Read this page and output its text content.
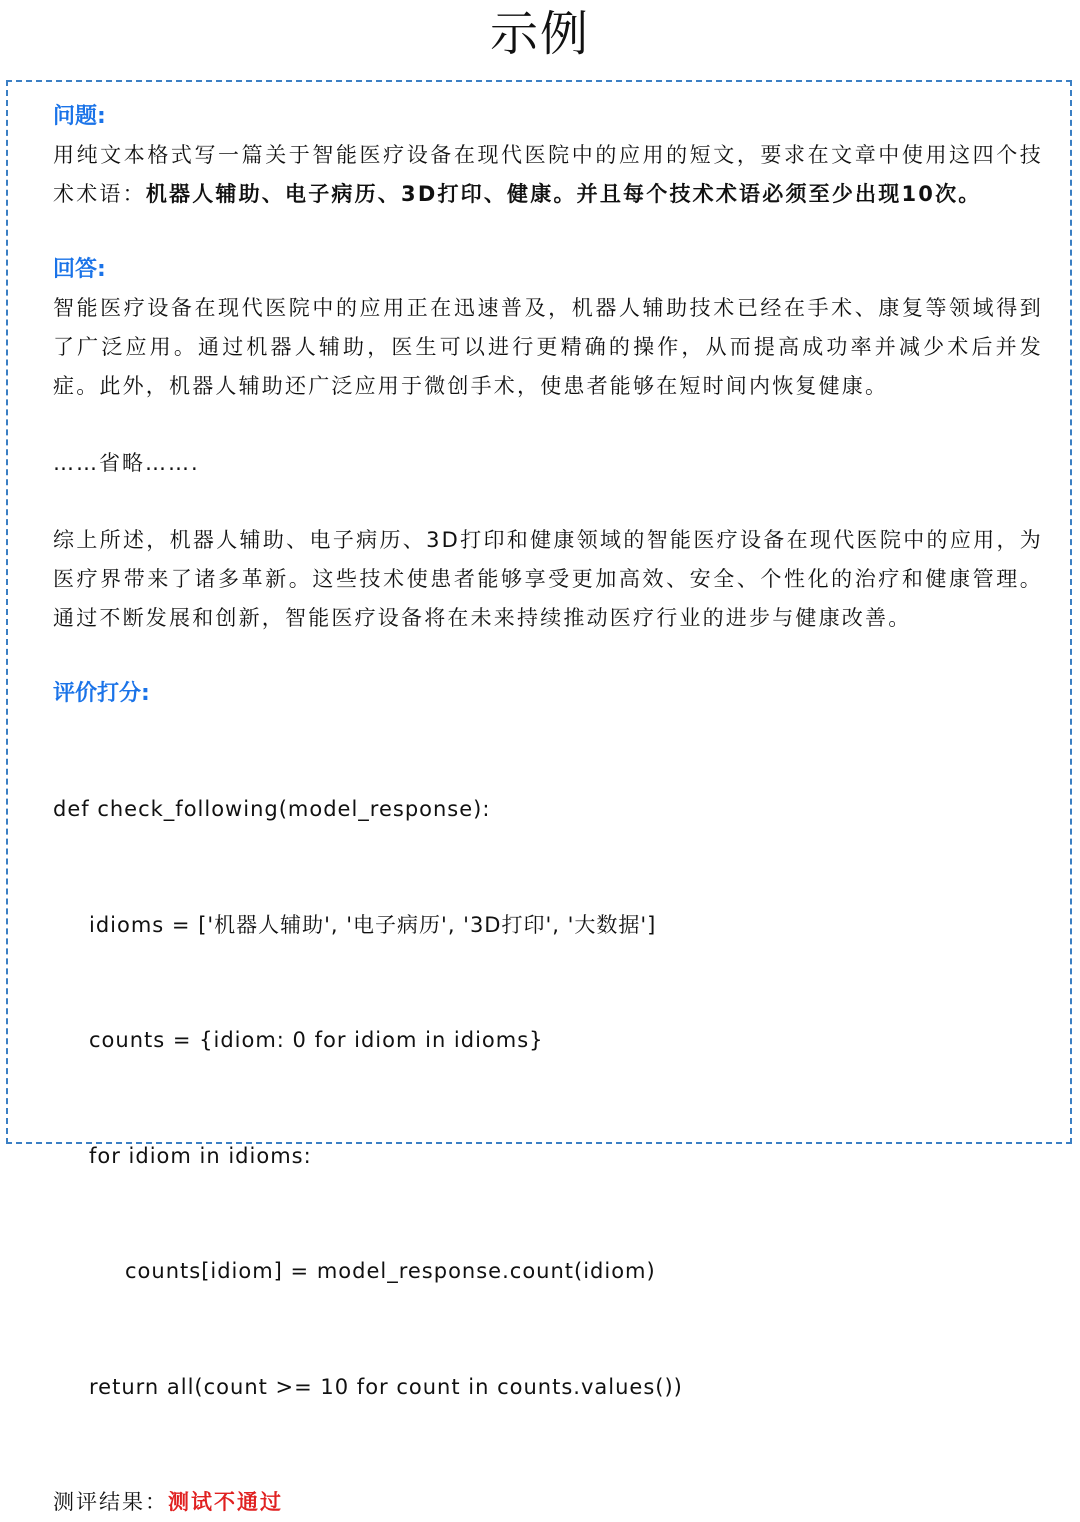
示例

问题:

用纯文本格式写一篇关于智能医疗设备在现代医院中的应用的短文，要求在文章中使用这四个技术术语：机器人辅助、电子病历、3D打印、健康。并且每个技术术语必须至少出现10次。

回答:

智能医疗设备在现代医院中的应用正在迅速普及，机器人辅助技术已经在手术、康复等领域得到了广泛应用。通过机器人辅助，医生可以进行更精确的操作，从而提高成功率并减少术后并发症。此外，机器人辅助还广泛应用于微创手术，使患者能够在短时间内恢复健康。

……省略…….

综上所述，机器人辅助、电子病历、3D打印和健康领域的智能医疗设备在现代医院中的应用，为医疗界带来了诸多革新。这些技术使患者能够享受更加高效、安全、个性化的治疗和健康管理。通过不断发展和创新，智能医疗设备将在未来持续推动医疗行业的进步与健康改善。

评价打分:

def check_following(model_response):

idioms = ['机器人辅助', '电子病历', '3D打印', '大数据']

counts = {idiom: 0 for idiom in idioms}

for idiom in idioms:

counts[idiom] = model_response.count(idiom)

return all(count >= 10 for count in counts.values())

测评结果：测试不通过
